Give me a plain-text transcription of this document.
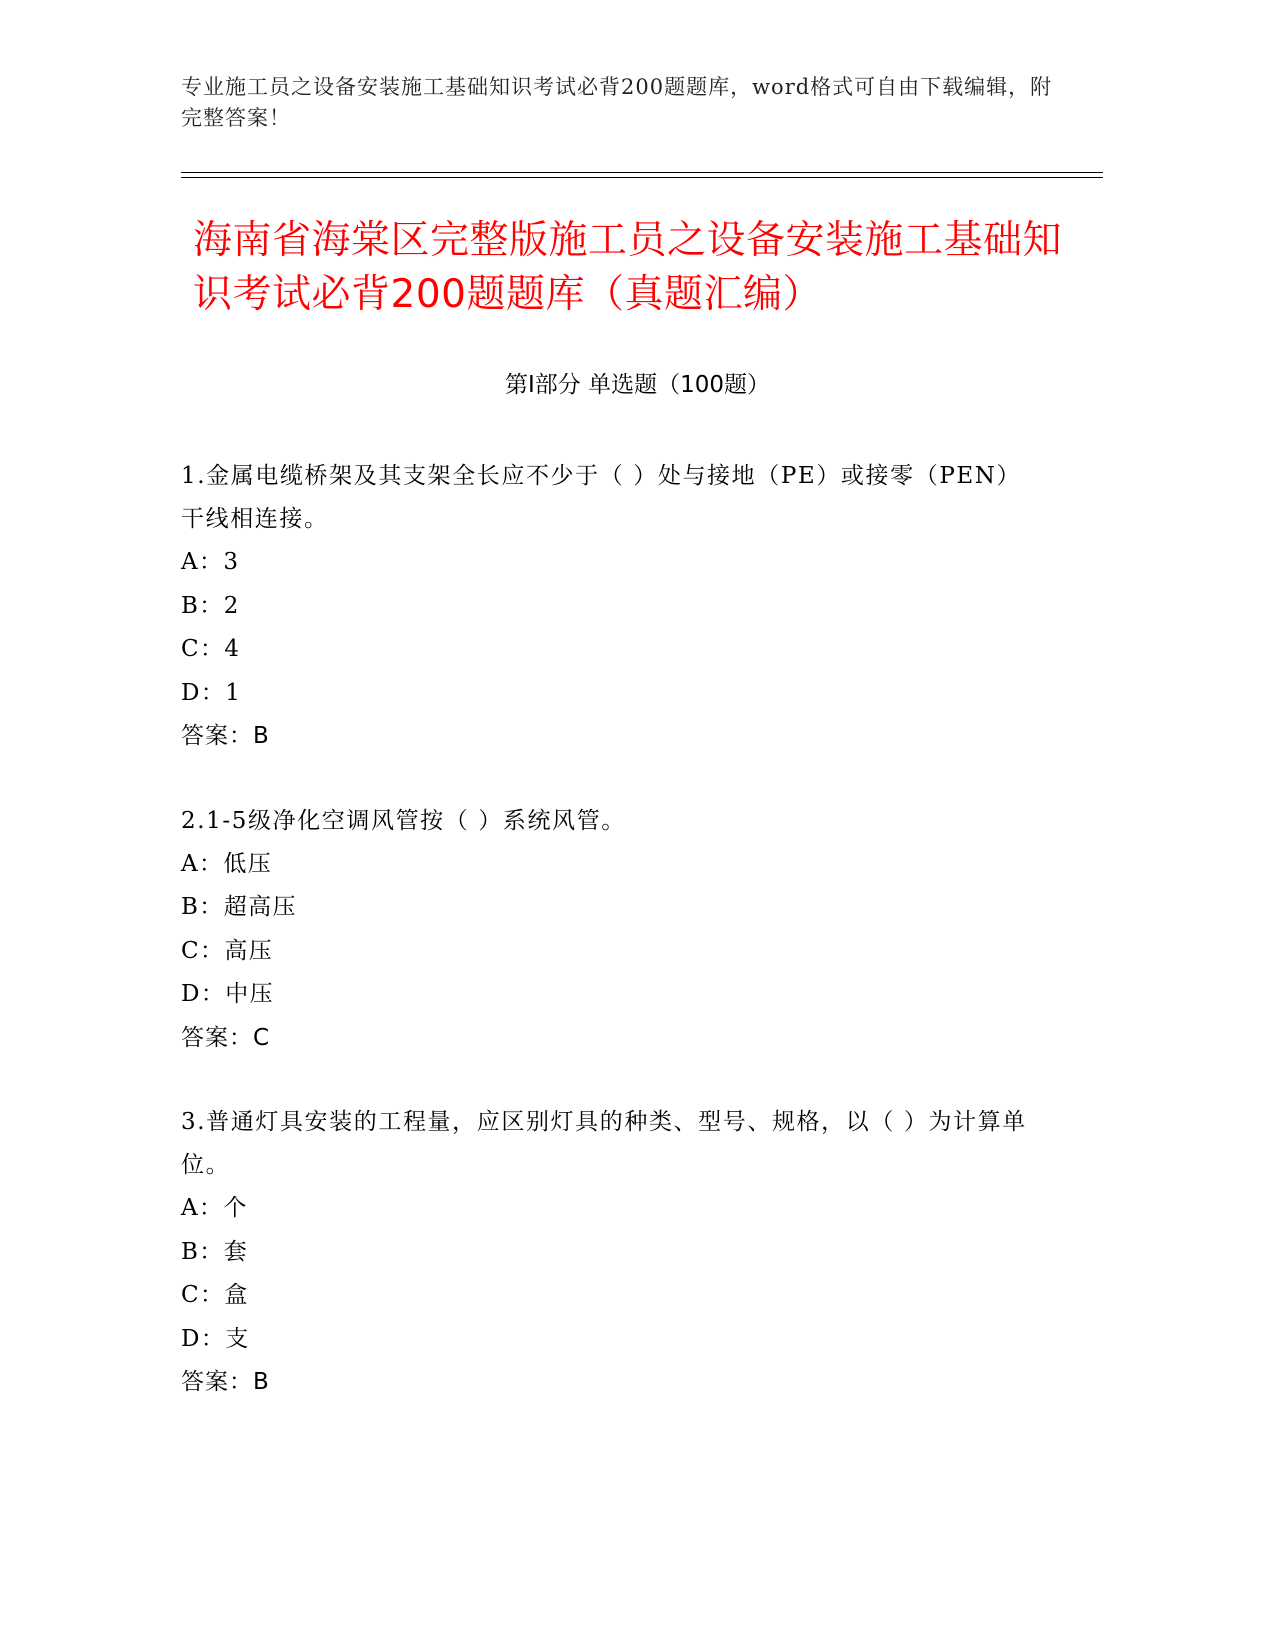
专业施工员之设备安装施工基础知识考试必背200题题库，word格式可自由下载编辑，附完整答案！
海南省海棠区完整版施工员之设备安装施工基础知识考试必背200题题库（真题汇编）
第Ⅰ部分 单选题（100题）
1.金属电缆桥架及其支架全长应不少于（ ）处与接地（PE）或接零（PEN）干线相连接。
A：3
B：2
C：4
D：1
答案：B
2.1-5级净化空调风管按（ ）系统风管。
A：低压
B：超高压
C：高压
D：中压
答案：C
3.普通灯具安装的工程量，应区别灯具的种类、型号、规格，以（ ）为计算单位。
A：个
B：套
C：盒
D：支
答案：B
